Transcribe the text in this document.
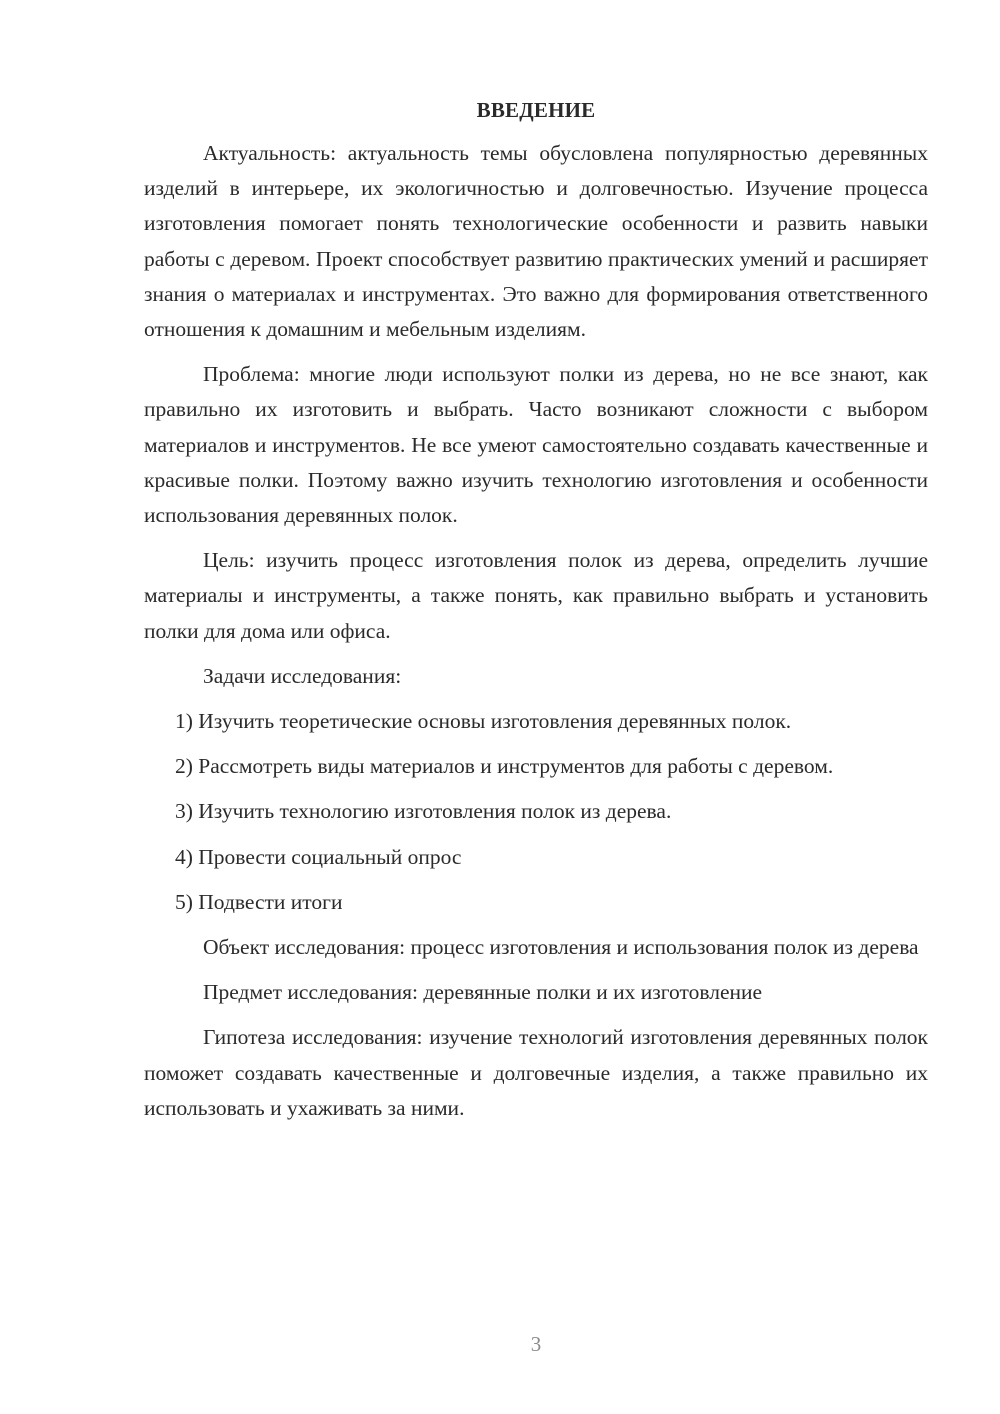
ВВЕДЕНИЕ

Актуальность: актуальность темы обусловлена популярностью деревянных изделий в интерьере, их экологичностью и долговечностью. Изучение процесса изготовления помогает понять технологические особенности и развить навыки работы с деревом. Проект способствует развитию практических умений и расширяет знания о материалах и инструментах. Это важно для формирования ответственного отношения к домашним и мебельным изделиям.

Проблема: многие люди используют полки из дерева, но не все знают, как правильно их изготовить и выбрать. Часто возникают сложности с выбором материалов и инструментов. Не все умеют самостоятельно создавать качественные и красивые полки. Поэтому важно изучить технологию изготовления и особенности использования деревянных полок.

Цель: изучить процесс изготовления полок из дерева, определить лучшие материалы и инструменты, а также понять, как правильно выбрать и установить полки для дома или офиса.

Задачи исследования:

1) Изучить теоретические основы изготовления деревянных полок.

2) Рассмотреть виды материалов и инструментов для работы с деревом.

3) Изучить технологию изготовления полок из дерева.

4) Провести социальный опрос

5) Подвести итоги

Объект исследования: процесс изготовления и использования полок из дерева

Предмет исследования: деревянные полки и их изготовление

Гипотеза исследования: изучение технологий изготовления деревянных полок поможет создавать качественные и долговечные изделия, а также правильно их использовать и ухаживать за ними.

3
